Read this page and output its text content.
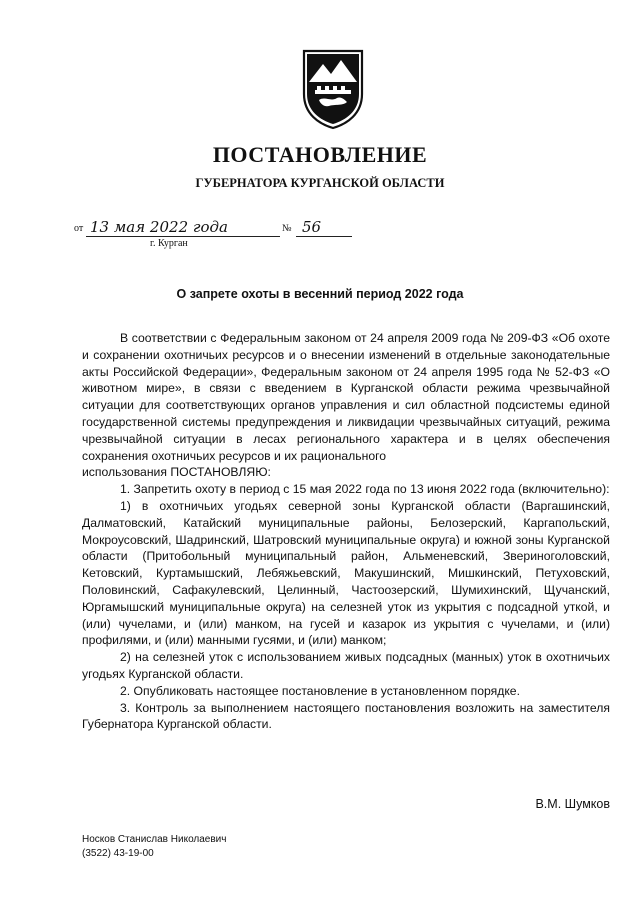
ПОСТАНОВЛЕНИЕ
ГУБЕРНАТОРА КУРГАНСКОЙ ОБЛАСТИ
от 13 мая 2022 года	№ 56
г. Курган
О запрете охоты в весенний период 2022 года

В соответствии с Федеральным законом от 24 апреля 2009 года № 209-ФЗ «Об охоте и сохранении охотничьих ресурсов и о внесении изменений в отдельные законодательные акты Российской Федерации», Федеральным законом от 24 апреля 1995 года № 52-ФЗ «О животном мире», в связи с введением в Курганской области режима чрезвычайной ситуации для соответствующих органов управления и сил областной подсистемы единой государственной системы предупреждения и ликвидации чрезвычайных ситуаций, режима чрезвычайной ситуации в лесах регионального характера и в целях обеспечения сохранения охотничьих ресурсов и их рационального

использования ПОСТАНОВЛЯЮ:

1. Запретить охоту в период с 15 мая 2022 года по 13 июня 2022 года (включительно):

1) в охотничьих угодьях северной зоны Курганской области (Варгашинский, Далматовский, Катайский муниципальные районы, Белозерский, Каргапольский, Мокроусовский, Шадринский, Шатровский муниципальные округа) и южной зоны Курганской области (Притобольный муниципальный район, Альменевский, Звериноголовский, Кетовский, Куртамышский, Лебяжьевский, Макушинский, Мишкинский, Петуховский, Половинский, Сафакулевский, Целинный, Частоозерский, Шумихинский, Щучанский, Юргамышский муниципальные округа) на селезней уток из укрытия с подсадной уткой, и (или) чучелами, и (или) манком, на гусей и казарок из укрытия с чучелами, и (или) профилями, и (или) манными гусями, и (или) манком;

2) на селезней уток с использованием живых подсадных (манных) уток в охотничьих угодьях Курганской области.

2. Опубликовать настоящее постановление в установленном порядке.

3. Контроль за выполнением настоящего постановления возложить на заместителя Губернатора Курганской области.

В.М. Шумков
Носков Станислав Николаевич
(3522) 43-19-00
